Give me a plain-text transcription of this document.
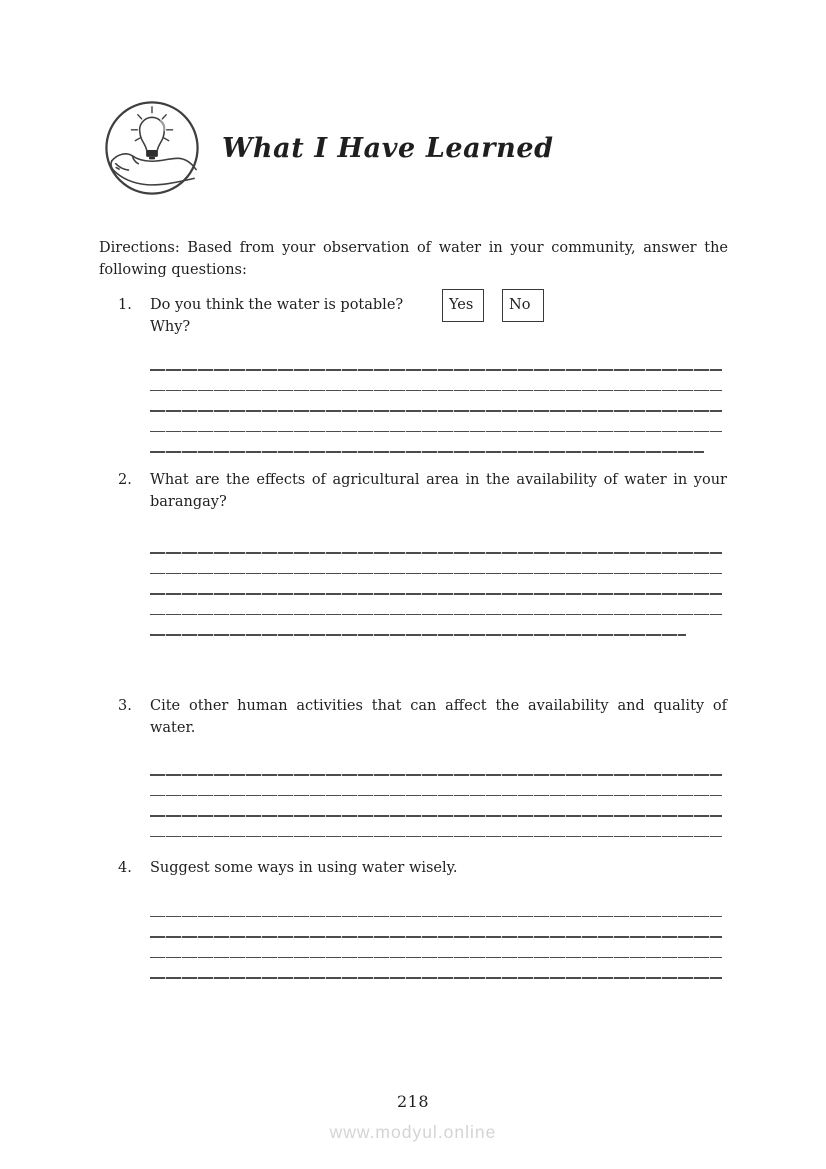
What I Have Learned

Directions: Based from your observation of water in your community, answer the following questions:

1.	Do you think the water is potable?
Why?
Yes	No
2.	What are the effects of agricultural area in the availability of water in your barangay?
3.	Cite other human activities that can affect the availability and quality of water.
4.	Suggest some ways in using water wisely.
218
www.modyul.online
